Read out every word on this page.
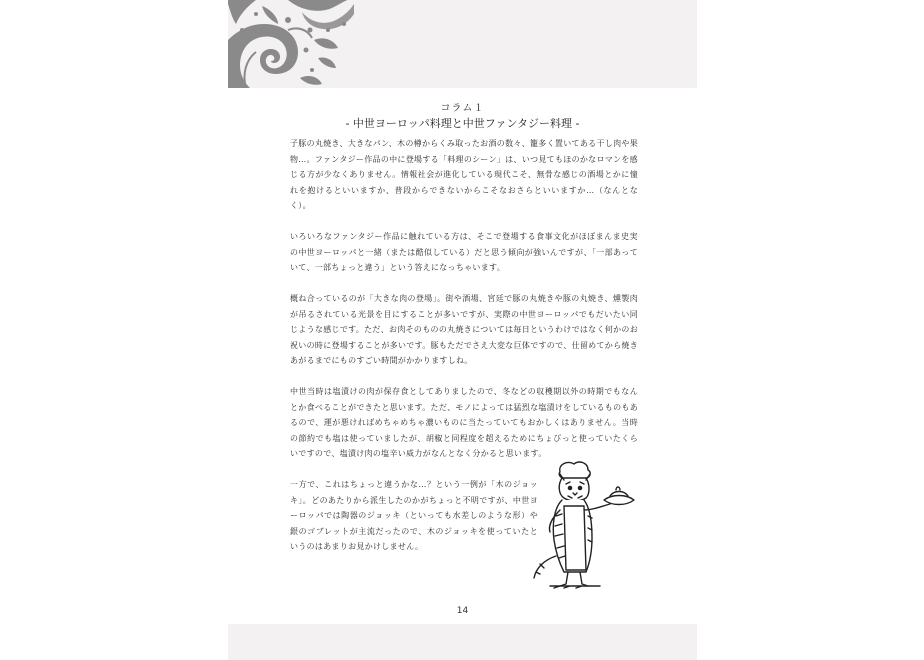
コラム１
- 中世ヨーロッパ料理と中世ファンタジー料理 -

子豚の丸焼き、大きなパン、木の樽からくみ取ったお酒の数々、籠多く置いてある干し肉や果物…。ファンタジー作品の中に登場する「料理のシーン」は、いつ見てもほのかなロマンを感じる方が少なくありません。情報社会が進化している現代こそ、無骨な感じの酒場とかに憧れを抱けるといいますか、普段からできないからこそなおさらといいますか…（なんとなく）。

いろいろなファンタジー作品に触れている方は、そこで登場する食事文化がほぼまんま史実の中世ヨーロッパと一緒（または酷似している）だと思う傾向が強いんですが、「一部あっていて、一部ちょっと違う」という答えになっちゃいます。

概ね合っているのが「大きな肉の登場」。街や酒場、宮廷で豚の丸焼きや豚の丸焼き、燻製肉が吊るされている光景を目にすることが多いですが、実際の中世ヨーロッパでもだいたい同じような感じです。ただ、お肉そのものの丸焼きについては毎日というわけではなく何かのお祝いの時に登場することが多いです。豚もただでさえ大変な巨体ですので、仕留めてから焼きあがるまでにものすごい時間がかかりますしね。

中世当時は塩漬けの肉が保存食としてありましたので、冬などの収穫期以外の時期でもなんとか食べることができたと思います。ただ、モノによっては猛烈な塩漬けをしているものもあるので、運が悪ければめちゃめちゃ濃いものに当たっていてもおかしくはありません。当時の節約でも塩は使っていましたが、胡椒と同程度を超えるためにちょびっと使っていたくらいですので、塩漬け肉の塩辛い威力がなんとなく分かると思います。

一方で、これはちょっと違うかな…？という一例が「木のジョッキ」。どのあたりから派生したのかがちょっと不明ですが、中世ヨーロッパでは陶器のジョッキ（といっても水差しのような形）や銀のゴブレットが主流だったので、木のジョッキを使っていたというのはあまりお見かけしません。

14
